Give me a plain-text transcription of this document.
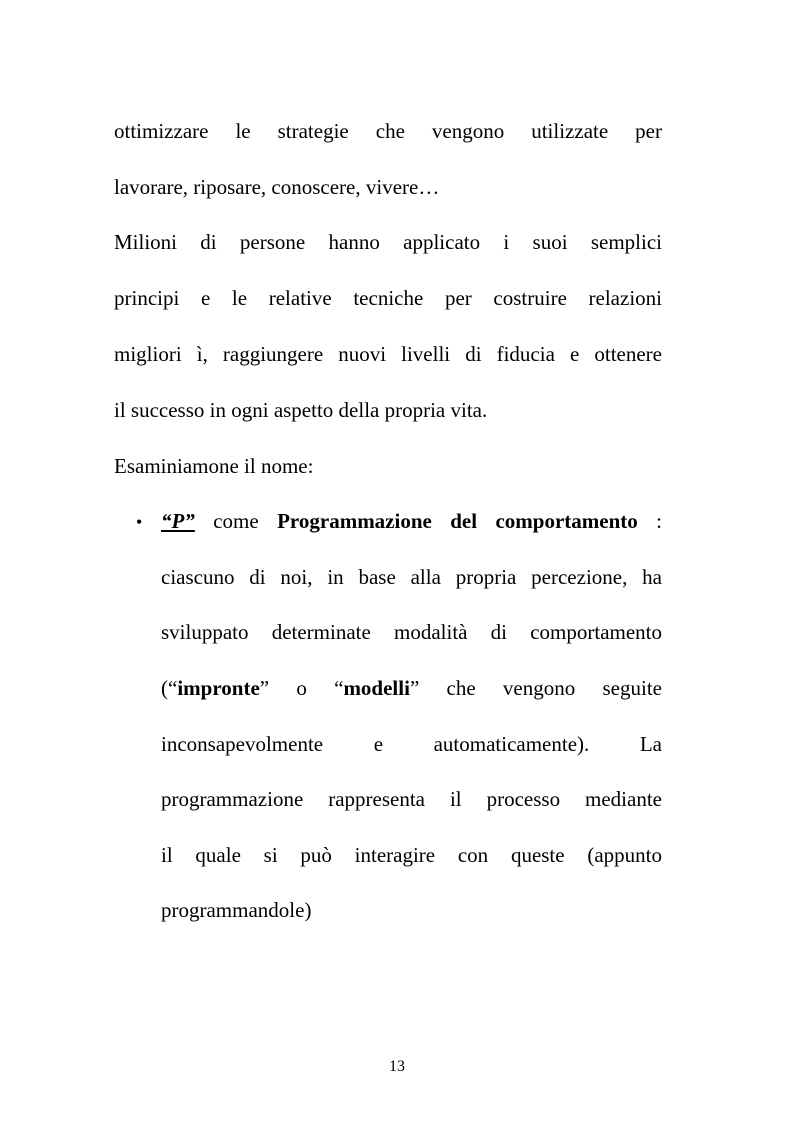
ottimizzare le strategie che vengono utilizzate per
lavorare, riposare, conoscere, vivere…
Milioni di persone hanno applicato i suoi semplici
principi e le relative tecniche per costruire relazioni
migliori ì, raggiungere nuovi livelli di fiducia e ottenere
il successo in ogni aspetto della propria vita.
Esaminiamone il nome:
• “P” come Programmazione del comportamento :
ciascuno di noi, in base alla propria percezione, ha
sviluppato determinate modalità di comportamento
(“impronte” o “modelli” che vengono seguite
inconsapevolmente e automaticamente). La
programmazione rappresenta il processo mediante
il quale si può interagire con queste (appunto
programmandole)
13
